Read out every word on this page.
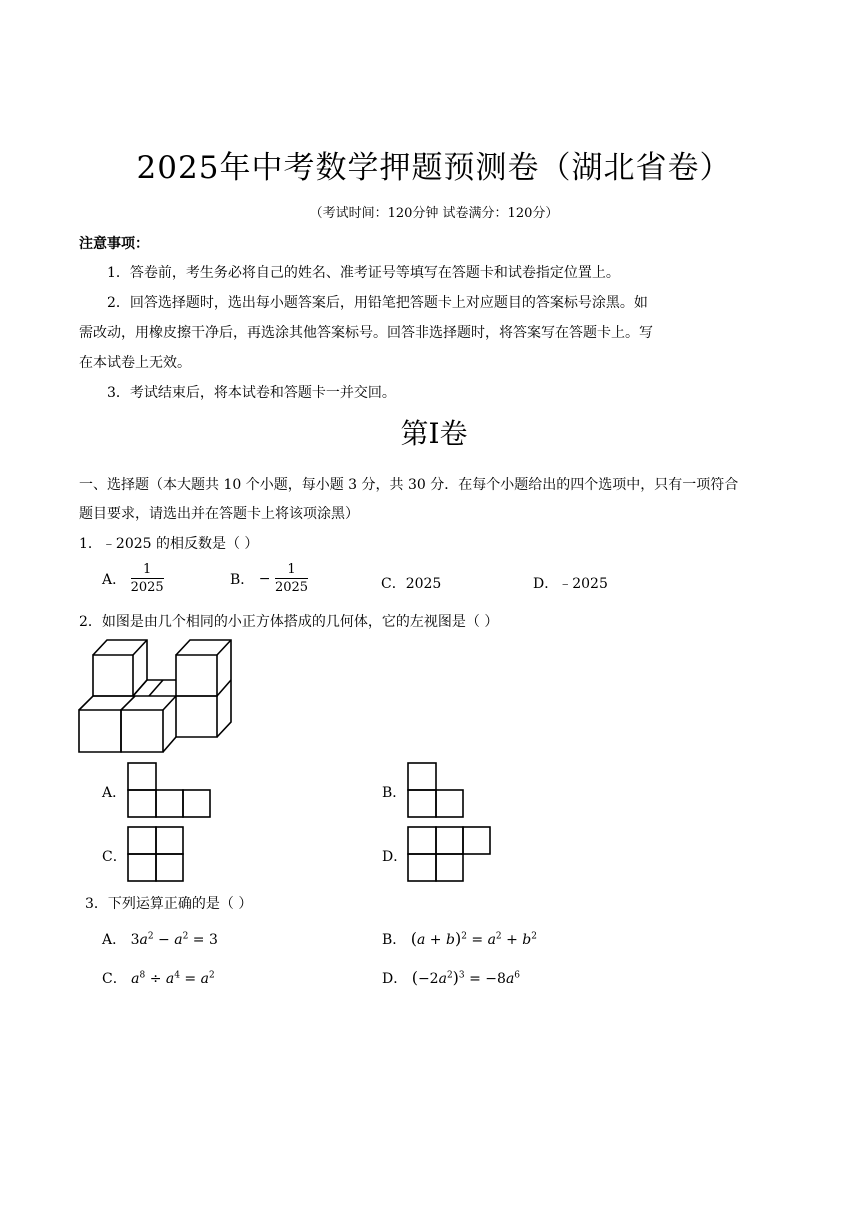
2025年中考数学押题预测卷（湖北省卷）
（考试时间：120分钟 试卷满分：120分）
注意事项：
1．答卷前，考生务必将自己的姓名、准考证号等填写在答题卡和试卷指定位置上。
2．回答选择题时，选出每小题答案后，用铅笔把答题卡上对应题目的答案标号涂黑。如
需改动，用橡皮擦干净后，再选涂其他答案标号。回答非选择题时，将答案写在答题卡上。写
在本试卷上无效。
3．考试结束后，将本试卷和答题卡一并交回。
第I卷
一、选择题（本大题共 10 个小题，每小题 3 分，共 30 分．在每个小题给出的四个选项中，只有一项符合
题目要求，请选出并在答题卡上将该项涂黑）
1．﹣2025 的相反数是（ ）
A． $\frac{1}{2025}$	B． − $\frac{1}{2025}$	C．2025	D．﹣2025
2．如图是由几个相同的小正方体搭成的几何体，它的左视图是（ ）
A．	B．
C．	D．
3．下列运算正确的是（ ）
A． $3a^2 - a^2 = 3$	B． $(a + b)^2 = a^2 + b^2$
C． $a^8 \div a^4 = a^2$	D． $(-2a^2)^3 = -8a^6$
